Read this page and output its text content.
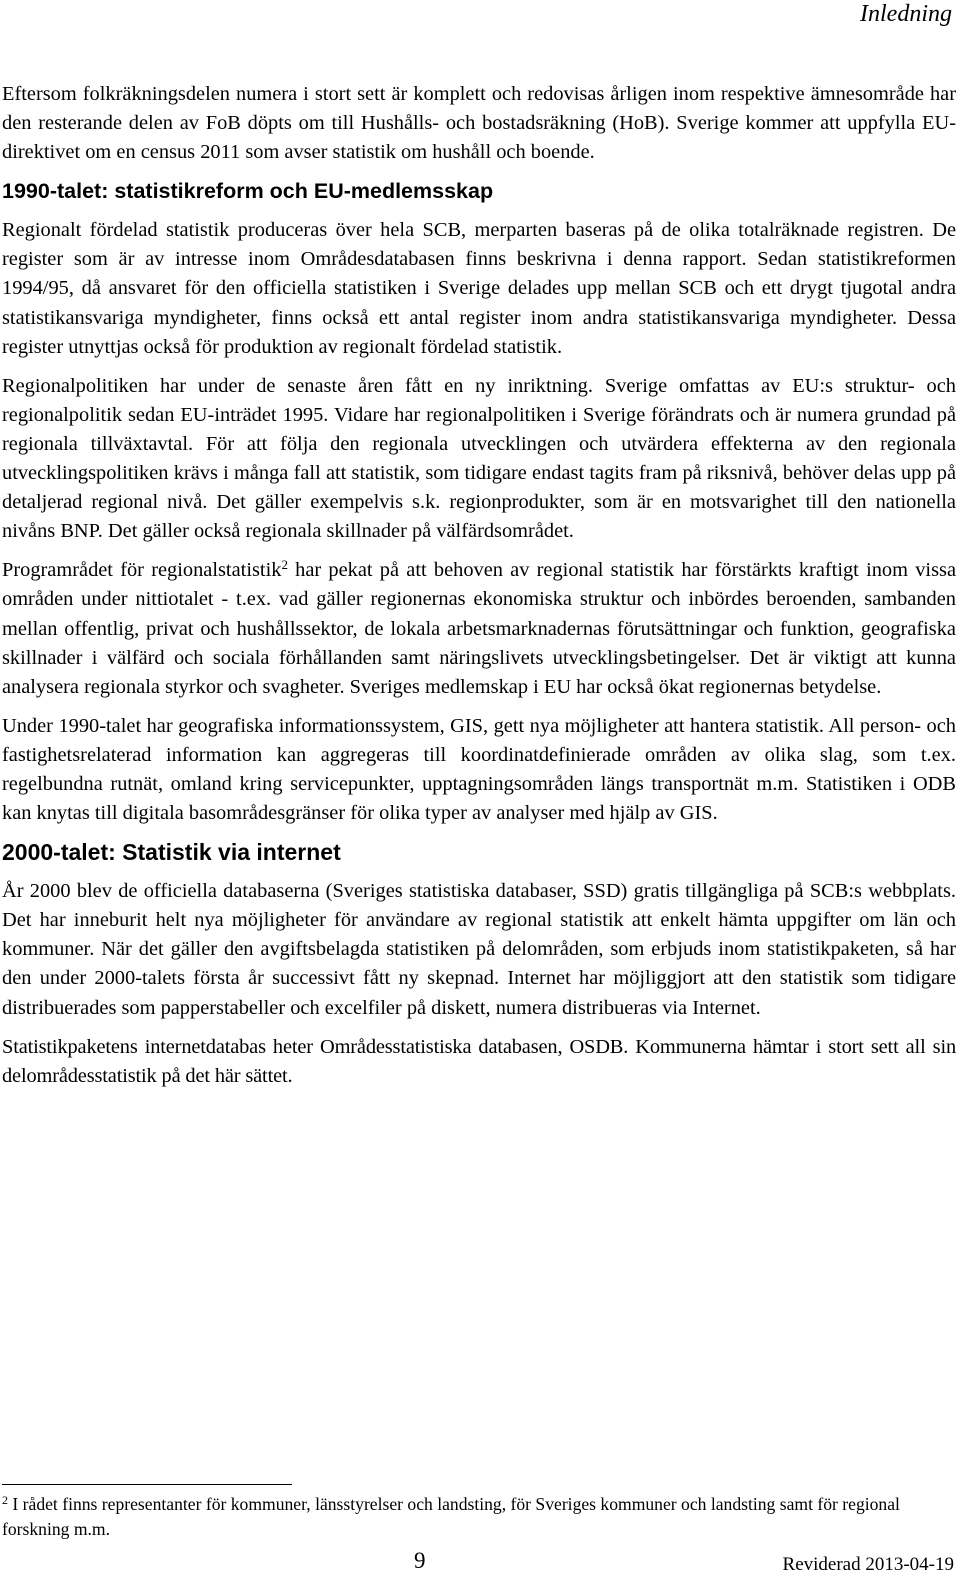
Inledning

Eftersom folkräkningsdelen numera i stort sett är komplett och redovisas årligen inom respektive ämnesområde har den resterande delen av FoB döpts om till Hushålls- och bostadsräkning (HoB). Sverige kommer att uppfylla EU-direktivet om en census 2011 som avser statistik om hushåll och boende.

1990-talet: statistikreform och EU-medlemsskap

Regionalt fördelad statistik produceras över hela SCB, merparten baseras på de olika totalräknade registren. De register som är av intresse inom Områdesdatabasen finns beskrivna i denna rapport. Sedan statistikreformen 1994/95, då ansvaret för den officiella statistiken i Sverige delades upp mellan SCB och ett drygt tjugotal andra statistikansvariga myndigheter, finns också ett antal register inom andra statistikansvariga myndigheter. Dessa register utnyttjas också för produktion av regionalt fördelad statistik.

Regionalpolitiken har under de senaste åren fått en ny inriktning. Sverige omfattas av EU:s struktur- och regionalpolitik sedan EU-inträdet 1995. Vidare har regionalpolitiken i Sverige förändrats och är numera grundad på regionala tillväxtavtal. För att följa den regionala utvecklingen och utvärdera effekterna av den regionala utvecklingspolitiken krävs i många fall att statistik, som tidigare endast tagits fram på riksnivå, behöver delas upp på detaljerad regional nivå. Det gäller exempelvis s.k. regionprodukter, som är en motsvarighet till den nationella nivåns BNP. Det gäller också regionala skillnader på välfärdsområdet.

Programrådet för regionalstatistik$^2$ har pekat på att behoven av regional statistik har förstärkts kraftigt inom vissa områden under nittiotalet - t.ex. vad gäller regionernas ekonomiska struktur och inbördes beroenden, sambanden mellan offentlig, privat och hushållssektor, de lokala arbetsmarknadernas förutsättningar och funktion, geografiska skillnader i välfärd och sociala förhållanden samt näringslivets utvecklingsbetingelser. Det är viktigt att kunna analysera regionala styrkor och svagheter. Sveriges medlemskap i EU har också ökat regionernas betydelse.

Under 1990-talet har geografiska informationssystem, GIS, gett nya möjligheter att hantera statistik. All person- och fastighetsrelaterad information kan aggregeras till koordinatdefinierade områden av olika slag, som t.ex. regelbundna rutnät, omland kring servicepunkter, upptagningsområden längs transportnät m.m. Statistiken i ODB kan knytas till digitala basområdesgränser för olika typer av analyser med hjälp av GIS.

2000-talet: Statistik via internet

År 2000 blev de officiella databaserna (Sveriges statistiska databaser, SSD) gratis tillgängliga på SCB:s webbplats. Det har inneburit helt nya möjligheter för användare av regional statistik att enkelt hämta uppgifter om län och kommuner. När det gäller den avgiftsbelagda statistiken på delområden, som erbjuds inom statistikpaketen, så har den under 2000-talets första år successivt fått ny skepnad. Internet har möjliggjort att den statistik som tidigare distribuerades som papperstabeller och excelfiler på diskett, numera distribueras via Internet.

Statistikpaketens internetdatabas heter Områdesstatistiska databasen, OSDB. Kommunerna hämtar i stort sett all sin delområdesstatistik på det här sättet.

$^2$ I rådet finns representanter för kommuner, länsstyrelser och landsting, för Sveriges kommuner och landsting samt för regional forskning m.m.
9	Reviderad 2013-04-19
